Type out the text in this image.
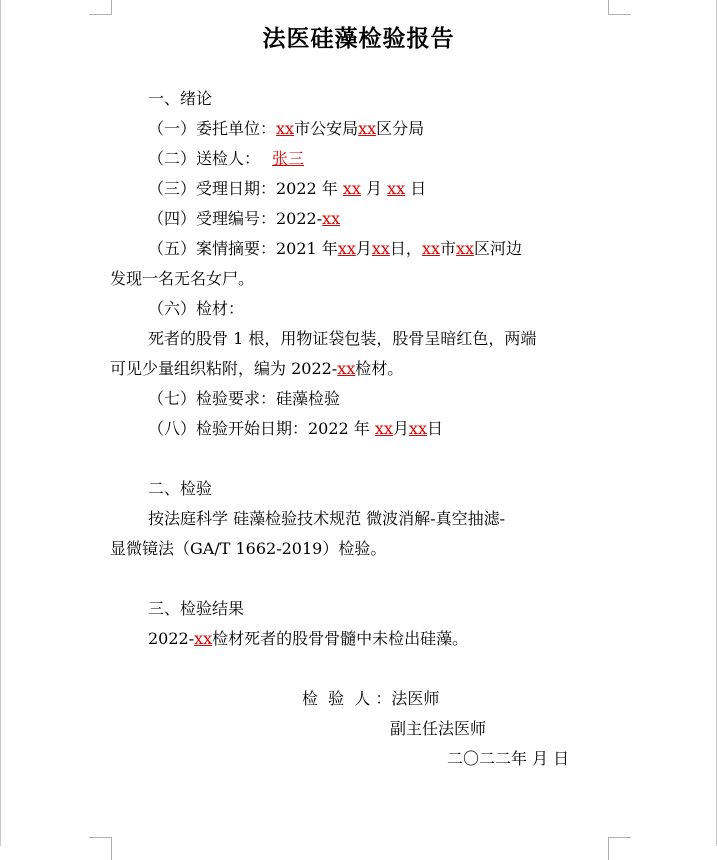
法医硅藻检验报告
一、绪论
（一）委托单位：xx市公安局xx区分局
（二）送检人： 张三
（三）受理日期：2022 年 xx 月 xx 日
（四）受理编号：2022-xx
（五）案情摘要：2021 年xx月xx日，xx市xx区河边
发现一名无名女尸。
（六）检材：
死者的股骨 1 根，用物证袋包装，股骨呈暗红色，两端
可见少量组织粘附，编为 2022-xx检材。
（七）检验要求：硅藻检验
（八）检验开始日期：2022 年 xx月xx日
二、检验
按法庭科学 硅藻检验技术规范 微波消解-真空抽滤-
显微镜法（GA/T 1662-2019）检验。
三、检验结果
2022-xx检材死者的股骨骨髓中未检出硅藻。
检  验  人 ：法医师
副主任法医师
二〇二二年 月 日
